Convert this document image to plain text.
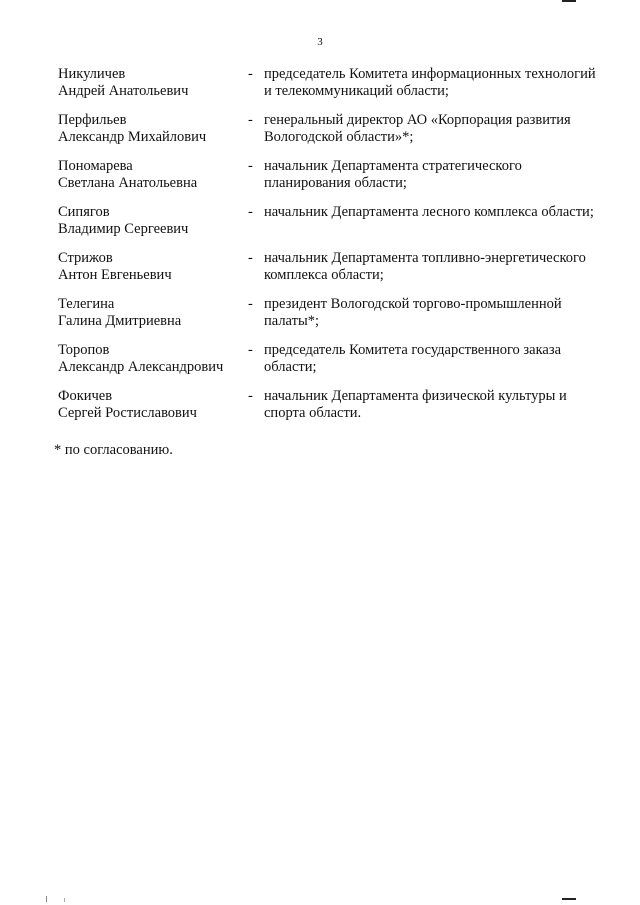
3
Никуличев
Андрей Анатольевич
- председатель Комитета информационных технологий
и телекоммуникаций области;
Перфильев
Александр Михайлович
- генеральный директор АО «Корпорация развития
Вологодской области»*;
Пономарева
Светлана Анатольевна
- начальник Департамента стратегического
планирования области;
Сипягов
Владимир Сергеевич
- начальник Департамента лесного комплекса области;
Стрижов
Антон Евгеньевич
- начальник Департамента топливно-энергетического
комплекса области;
Телегина
Галина Дмитриевна
- президент Вологодской торгово-промышленной
палаты*;
Торопов
Александр Александрович
- председатель Комитета государственного заказа
области;
Фокичев
Сергей Ростиславович
- начальник Департамента физической культуры и
спорта области.
* по согласованию.
